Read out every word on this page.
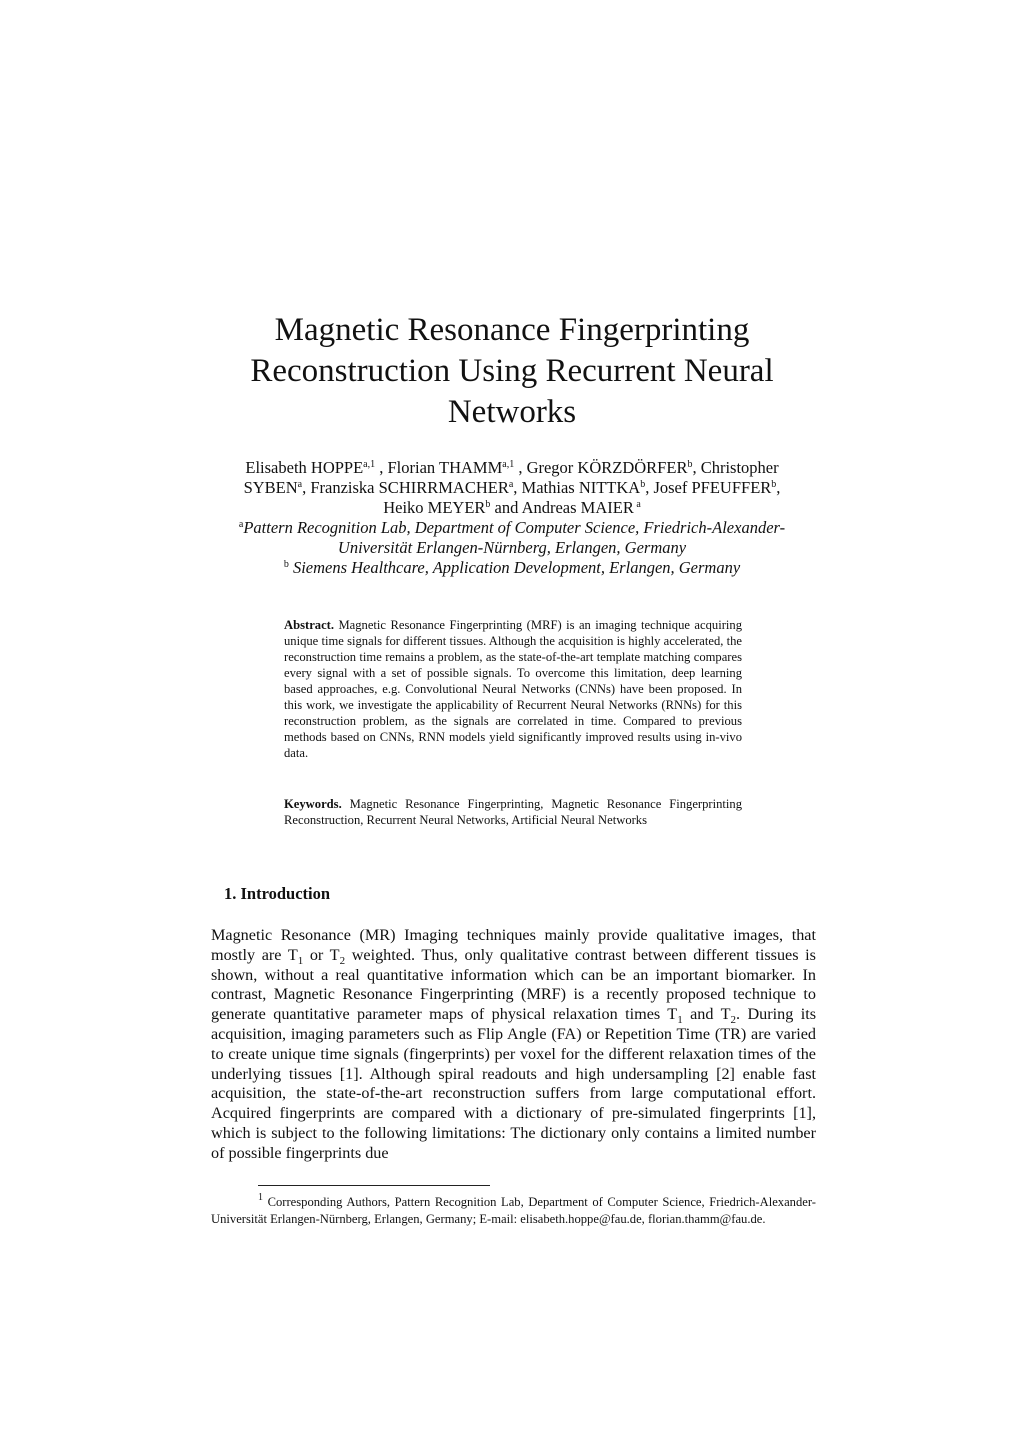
Magnetic Resonance Fingerprinting
Reconstruction Using Recurrent Neural
Networks
Elisabeth HOPPE$^{a,1}$ , Florian THAMM$^{a,1}$ , Gregor KÖRZDÖRFER$^b$, Christopher
SYBEN$^a$, Franziska SCHIRRMACHER$^a$, Mathias NITTKA$^b$, Josef PFEUFFER$^b$,
Heiko MEYER$^b$ and Andreas MAIER $^a$
$^a$Pattern Recognition Lab, Department of Computer Science, Friedrich-Alexander-
Universität Erlangen-Nürnberg, Erlangen, Germany
$^b$ Siemens Healthcare, Application Development, Erlangen, Germany
Abstract. Magnetic Resonance Fingerprinting (MRF) is an imaging technique acquiring unique time signals for different tissues. Although the acquisition is highly accelerated, the reconstruction time remains a problem, as the state-of-the-art template matching compares every signal with a set of possible signals. To overcome this limitation, deep learning based approaches, e.g. Convolutional Neural Networks (CNNs) have been proposed. In this work, we investigate the applicability of Recurrent Neural Networks (RNNs) for this reconstruction problem, as the signals are correlated in time. Compared to previous methods based on CNNs, RNN models yield significantly improved results using in-vivo data.
Keywords. Magnetic Resonance Fingerprinting, Magnetic Resonance Fingerprinting Reconstruction, Recurrent Neural Networks, Artificial Neural Networks
1. Introduction

Magnetic Resonance (MR) Imaging techniques mainly provide qualitative images, that mostly are $T_1$ or $T_2$ weighted. Thus, only qualitative contrast between different tissues is shown, without a real quantitative information which can be an important biomarker. In contrast, Magnetic Resonance Fingerprinting (MRF) is a recently proposed technique to generate quantitative parameter maps of physical relaxation times $T_1$ and $T_2$. During its acquisition, imaging parameters such as Flip Angle (FA) or Repetition Time (TR) are varied to create unique time signals (fingerprints) per voxel for the different relaxation times of the underlying tissues [1]. Although spiral readouts and high undersampling [2] enable fast acquisition, the state-of-the-art reconstruction suffers from large computational effort. Acquired fingerprints are compared with a dictionary of pre-simulated fingerprints [1], which is subject to the following limitations: The dictionary only contains a limited number of possible fingerprints due

$^1$ Corresponding Authors, Pattern Recognition Lab, Department of Computer Science, Friedrich-Alexander-Universität Erlangen-Nürnberg, Erlangen, Germany; E-mail: elisabeth.hoppe@fau.de, florian.thamm@fau.de.
